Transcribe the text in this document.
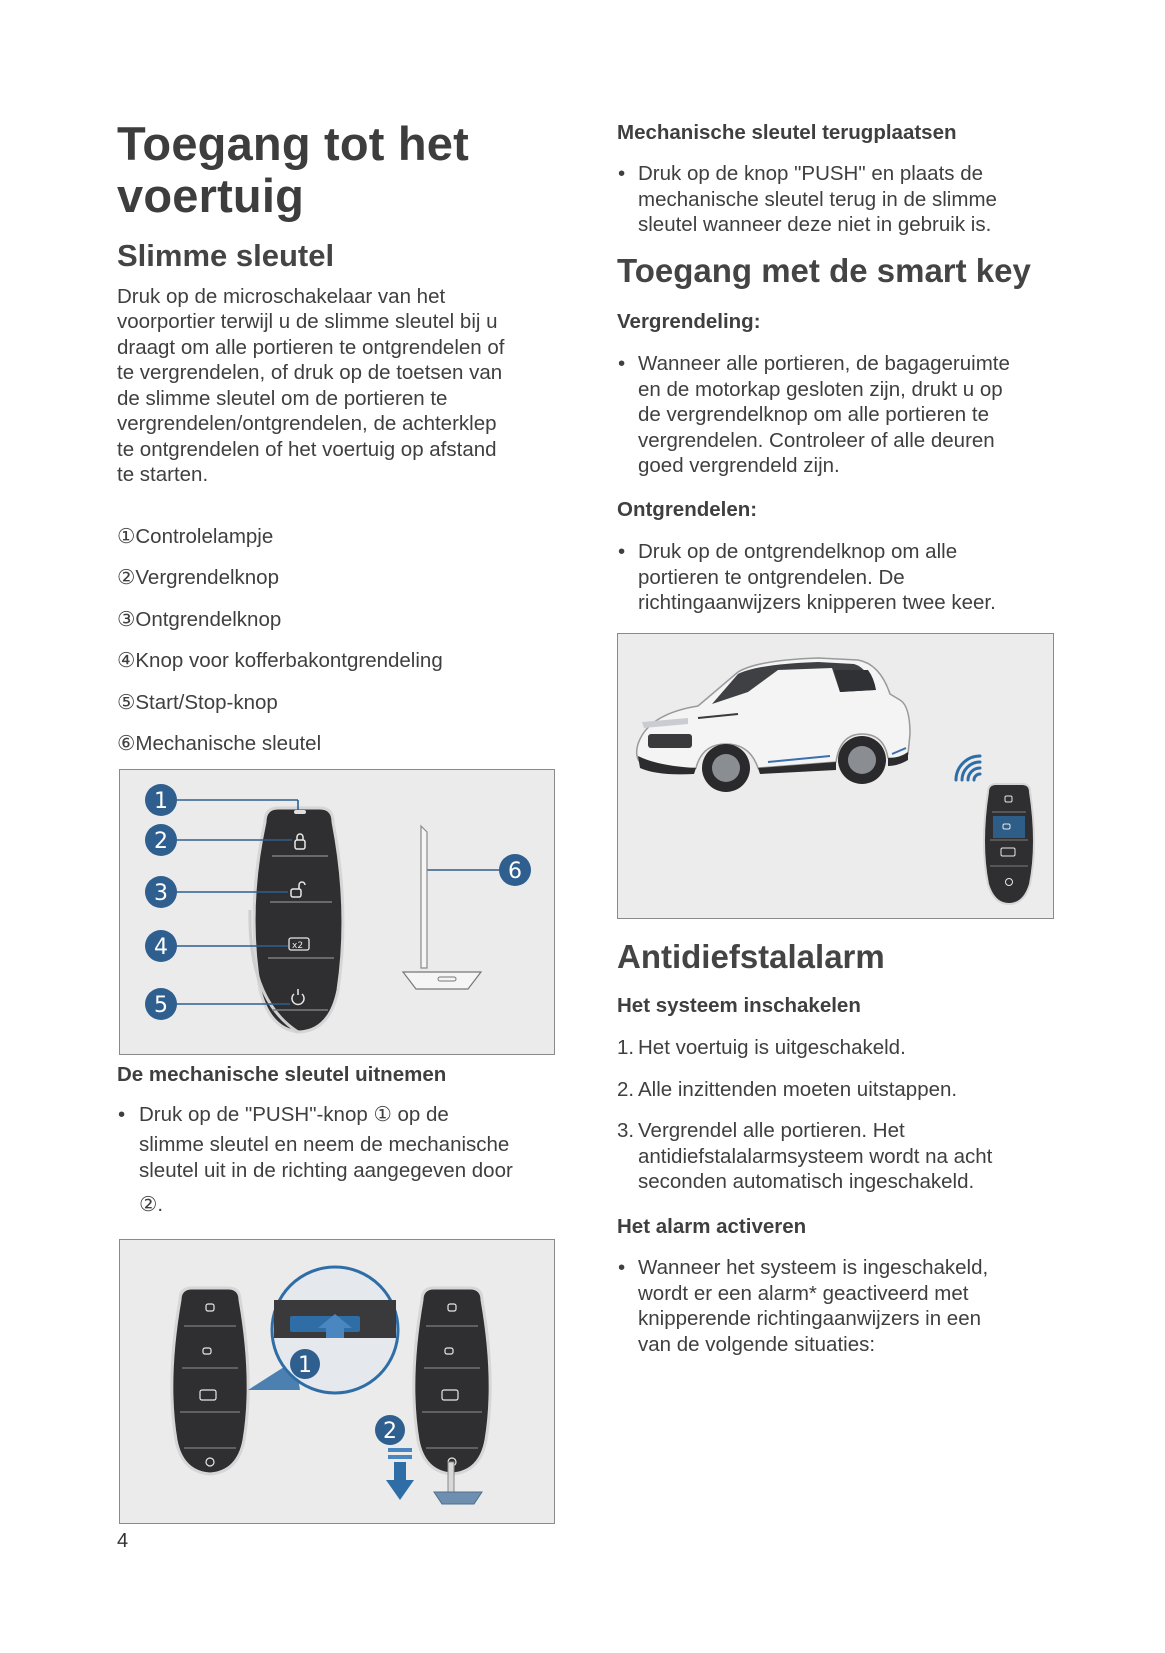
Toegang tot het voertuig
Slimme sleutel

Druk op de microschakelaar van het

voorportier terwijl u de slimme sleutel bij u

draagt om alle portieren te ontgrendelen of

te vergrendelen, of druk op de toetsen van

de slimme sleutel om de portieren te

vergrendelen/ontgrendelen, de achterklep

te ontgrendelen of het voertuig op afstand

te starten.

①Controlelampje

②Vergrendelknop

③Ontgrendelknop

④Knop voor kofferbakontgrendeling

⑤Start/Stop-knop

⑥Mechanische sleutel

x2
1
2
3
4
5
6

De mechanische sleutel uitnemen

• Druk op de "PUSH"-knop ① op de

slimme sleutel en neem de mechanische

sleutel uit in de richting aangegeven door

②.

1
2

4

Mechanische sleutel terugplaatsen

• Druk op de knop "PUSH" en plaats de

mechanische sleutel terug in de slimme

sleutel wanneer deze niet in gebruik is.

Toegang met de smart key

Vergrendeling:

• Wanneer alle portieren, de bagageruimte

en de motorkap gesloten zijn, drukt u op

de vergrendelknop om alle portieren te

vergrendelen. Controleer of alle deuren

goed vergrendeld zijn.

Ontgrendelen:

• Druk op de ontgrendelknop om alle

portieren te ontgrendelen. De

richtingaanwijzers knipperen twee keer.

Antidiefstalalarm

Het systeem inschakelen

1. Het voertuig is uitgeschakeld.

2. Alle inzittenden moeten uitstappen.

3. Vergrendel alle portieren. Het

antidiefstalalarmsysteem wordt na acht

seconden automatisch ingeschakeld.

Het alarm activeren

• Wanneer het systeem is ingeschakeld,

wordt er een alarm* geactiveerd met

knipperende richtingaanwijzers in een

van de volgende situaties:
